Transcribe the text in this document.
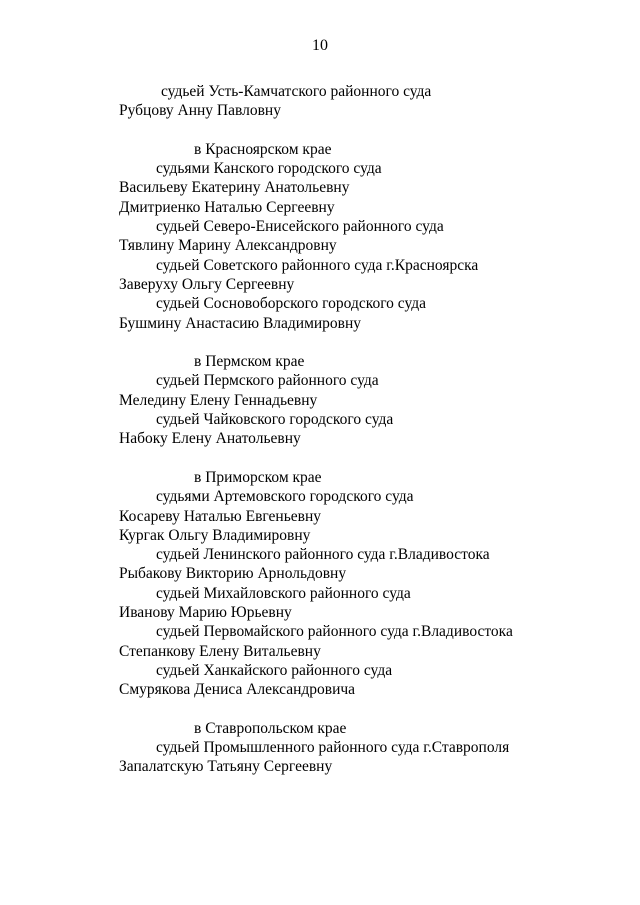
10
судьей Усть-Камчатского районного суда
Рубцову Анну Павловну
в Красноярском крае
судьями Канского городского суда
Васильеву Екатерину Анатольевну
Дмитриенко Наталью Сергеевну
судьей Северо-Енисейского районного суда
Тявлину Марину Александровну
судьей Советского районного суда г.Красноярска
Заверуху Ольгу Сергеевну
судьей Сосновоборского городского суда
Бушмину Анастасию Владимировну
в Пермском крае
судьей Пермского районного суда
Мелединy Елену Геннадьевну
судьей Чайковского городского суда
Набоку Елену Анатольевну
в Приморском крае
судьями Артемовского городского суда
Косареву Наталью Евгеньевну
Кургак Ольгу Владимировну
судьей Ленинского районного суда г.Владивостока
Рыбакову Викторию Арнольдовну
судьей Михайловского районного суда
Иванову Марию Юрьевну
судьей Первомайского районного суда г.Владивостока
Степанкову Елену Витальевну
судьей Ханкайского районного суда
Смурякова Дениса Александровича
в Ставропольском крае
судьей Промышленного районного суда г.Ставрополя
Запалатскую Татьяну Сергеевну
